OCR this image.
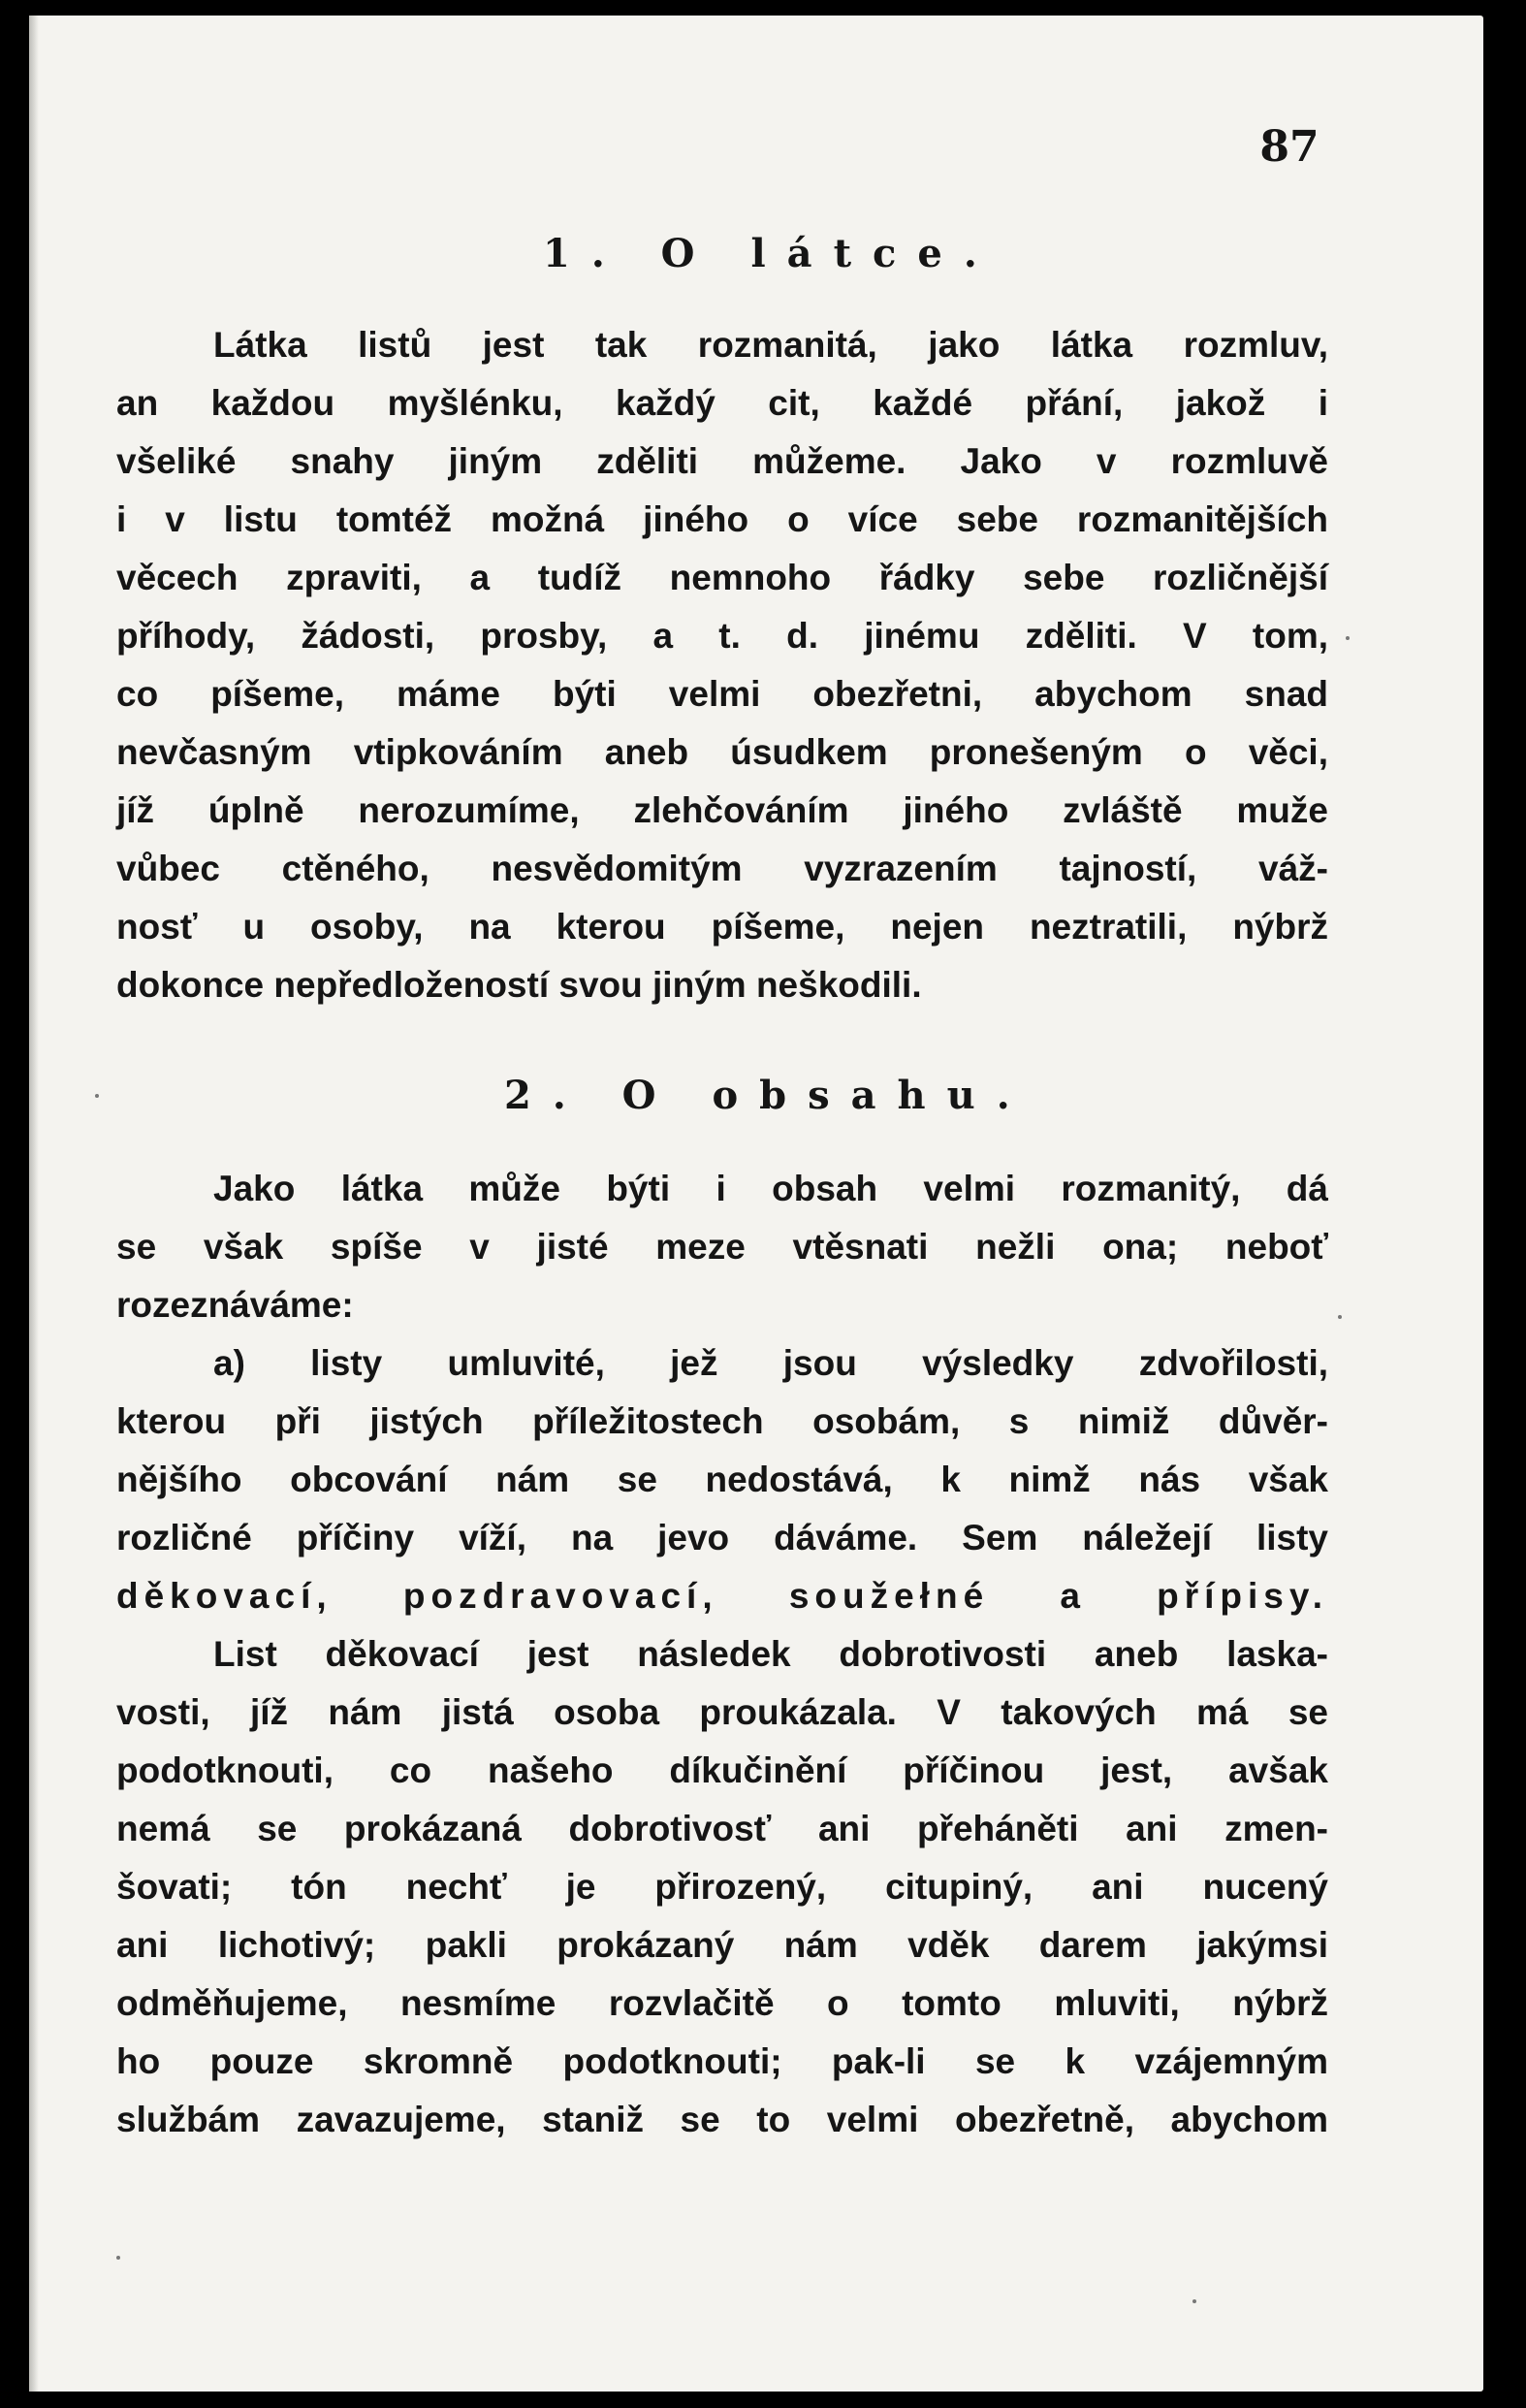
87
1. O látce.
Látka listů jest tak rozmanitá, jako látka rozmluv,
an každou myšlénku, každý cit, každé přání, jakož i
všeliké snahy jiným zděliti můžeme. Jako v rozmluvě
i v listu tomtéž možná jiného o více sebe rozmanitějších
věcech zpraviti, a tudíž nemnoho řádky sebe rozličnější
příhody, žádosti, prosby, a t. d. jinému zděliti. V tom,
co píšeme, máme býti velmi obezřetni, abychom snad
nevčasným vtipkováním aneb úsudkem pronešeným o věci,
jíž úplně nerozumíme, zlehčováním jiného zvláště muže
vůbec ctěného, nesvědomitým vyzrazením tajností, váž-
nosť u osoby, na kterou píšeme, nejen neztratili, nýbrž
dokonce nepředložeností svou jiným neškodili.
2. O obsahu.
Jako látka může býti i obsah velmi rozmanitý, dá
se však spíše v jisté meze vtěsnati nežli ona; neboť
rozeznáváme:
a) listy umluvité, jež jsou výsledky zdvořilosti,
kterou při jistých příležitostech osobám, s nimiž důvěr-
nějšího obcování nám se nedostává, k nimž nás však
rozličné příčiny víží, na jevo dáváme. Sem náležejí listy
děkovací, pozdravovací, soužełné a přípisy.
List děkovací jest následek dobrotivosti aneb laska-
vosti, jíž nám jistá osoba proukázala. V takových má se
podotknouti, co našeho díkučinění příčinou jest, avšak
nemá se prokázaná dobrotivosť ani přeháněti ani zmen-
šovati; tón nechť je přirozený, citupiný, ani nucený
ani lichotivý; pakli prokázaný nám vděk darem jakýmsi
odměňujeme, nesmíme rozvlačitě o tomto mluviti, nýbrž
ho pouze skromně podotknouti; pak-li se k vzájemným
službám zavazujeme, staniž se to velmi obezřetně, abychom
